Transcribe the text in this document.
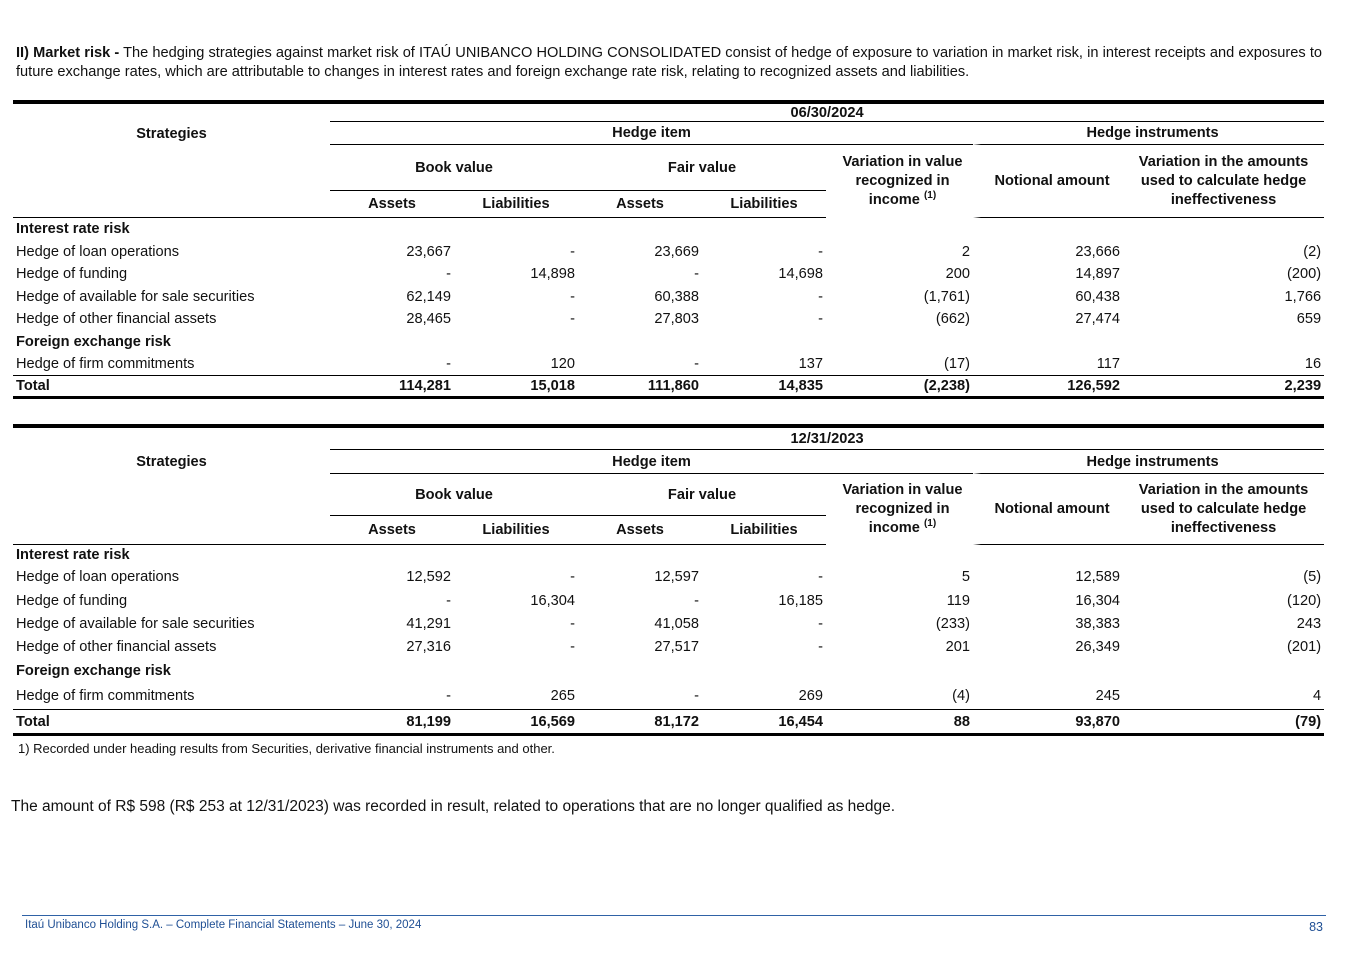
II) Market risk - The hedging strategies against market risk of ITAÚ UNIBANCO HOLDING CONSOLIDATED consist of hedge of exposure to variation in market risk, in interest receipts and exposures to future exchange rates, which are attributable to changes in interest rates and foreign exchange rate risk, relating to recognized assets and liabilities.

	06/30/2024						
Strategies	Hedge item					Hedge instruments	
	Book value		Fair value		Variation in value recognized in income $^{(1)}$	Notional amount	Variation in the amounts used to calculate hedge ineffectiveness
	Assets	Liabilities	Assets	Liabilities			
Interest rate risk							
Hedge of loan operations	23,667	-	23,669	-	2	23,666	(2)
Hedge of funding	-	14,898	-	14,698	200	14,897	(200)
Hedge of available for sale securities	62,149	-	60,388	-	(1,761)	60,438	1,766
Hedge of other financial assets	28,465	-	27,803	-	(662)	27,474	659
Foreign exchange risk							
Hedge of firm commitments	-	120	-	137	(17)	117	16
Total	114,281	15,018	111,860	14,835	(2,238)	126,592	2,239
	12/31/2023						
Strategies	Hedge item					Hedge instruments	
	Book value		Fair value		Variation in value recognized in income $^{(1)}$	Notional amount	Variation in the amounts used to calculate hedge ineffectiveness
	Assets	Liabilities	Assets	Liabilities			
Interest rate risk							
Hedge of loan operations	12,592	-	12,597	-	5	12,589	(5)
Hedge of funding	-	16,304	-	16,185	119	16,304	(120)
Hedge of available for sale securities	41,291	-	41,058	-	(233)	38,383	243
Hedge of other financial assets	27,316	-	27,517	-	201	26,349	(201)
Foreign exchange risk							
Hedge of firm commitments	-	265	-	269	(4)	245	4
Total	81,199	16,569	81,172	16,454	88	93,870	(79)

1) Recorded under heading results from Securities, derivative financial instruments and other.

The amount of R$ 598 (R$ 253 at 12/31/2023) was recorded in result, related to operations that are no longer qualified as hedge.

Itaú Unibanco Holding S.A. – Complete Financial Statements – June 30, 2024	83
